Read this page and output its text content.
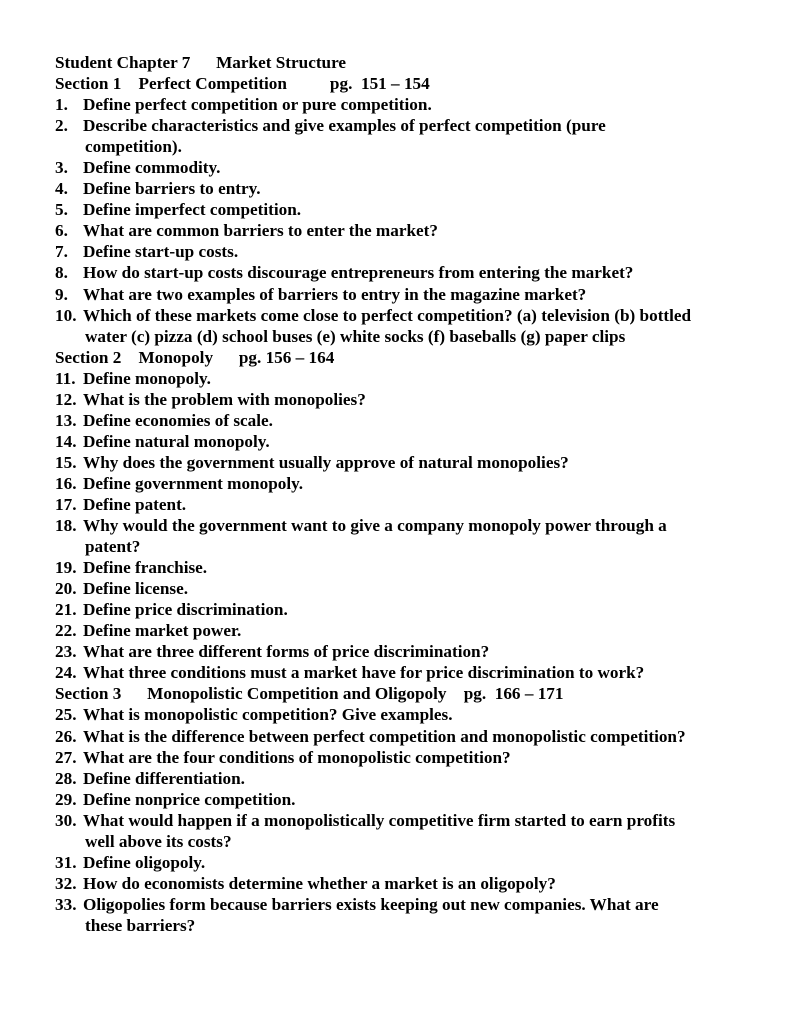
Student Chapter 7  Market Structure
Section 1 Perfect Competition   pg.  151 – 154
1. Define perfect competition or pure competition.
2. Describe characteristics and give examples of perfect competition (pure
competition).
3. Define commodity.
4. Define barriers to entry.
5. Define imperfect competition.
6. What are common barriers to enter the market?
7. Define start-up costs.
8. How do start-up costs discourage entrepreneurs from entering the market?
9. What are two examples of barriers to entry in the magazine market?
10. Which of these markets come close to perfect competition? (a) television (b) bottled
water (c) pizza (d) school buses (e) white socks (f) baseballs (g) paper clips
Section 2 Monopoly  pg. 156 – 164
11. Define monopoly.
12. What is the problem with monopolies?
13. Define economies of scale.
14. Define natural monopoly.
15. Why does the government usually approve of natural monopolies?
16. Define government monopoly.
17. Define patent.
18. Why would the government want to give a company monopoly power through a
patent?
19. Define franchise.
20. Define license.
21. Define price discrimination.
22. Define market power.
23. What are three different forms of price discrimination?
24. What three conditions must a market have for price discrimination to work?
Section 3  Monopolistic Competition and Oligopoly pg.  166 – 171
25. What is monopolistic competition? Give examples.
26. What is the difference between perfect competition and monopolistic competition?
27. What are the four conditions of monopolistic competition?
28. Define differentiation.
29. Define nonprice competition.
30. What would happen if a monopolistically competitive firm started to earn profits
well above its costs?
31. Define oligopoly.
32. How do economists determine whether a market is an oligopoly?
33. Oligopolies form because barriers exists keeping out new companies. What are
these barriers?
